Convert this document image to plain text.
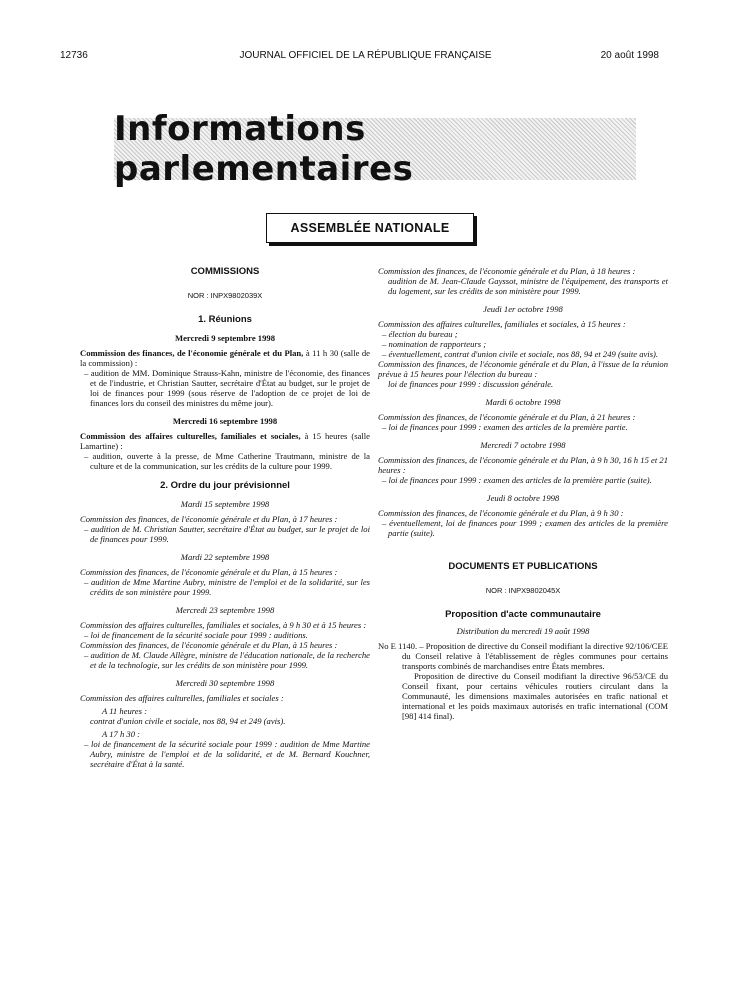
12736	JOURNAL OFFICIEL DE LA RÉPUBLIQUE FRANÇAISE	20 août 1998
Informations parlementaires
ASSEMBLÉE NATIONALE
COMMISSIONS
NOR : INPX9802039X
1. Réunions
Mercredi 9 septembre 1998
Commission des finances, de l'économie générale et du Plan, à 11 h 30 (salle de la commission) :
– audition de MM. Dominique Strauss-Kahn, ministre de l'économie, des finances et de l'industrie, et Christian Sautter, secrétaire d'État au budget, sur le projet de loi de finances pour 1999 (sous réserve de l'adoption de ce projet de loi de finances lors du conseil des ministres du même jour).
Mercredi 16 septembre 1998
Commission des affaires culturelles, familiales et sociales, à 15 heures (salle Lamartine) :
– audition, ouverte à la presse, de Mme Catherine Trautmann, ministre de la culture et de la communication, sur les crédits de la culture pour 1999.
2. Ordre du jour prévisionnel
Mardi 15 septembre 1998
Commission des finances, de l'économie générale et du Plan, à 17 heures :
– audition de M. Christian Sautter, secrétaire d'État au budget, sur le projet de loi de finances pour 1999.
Mardi 22 septembre 1998
Commission des finances, de l'économie générale et du Plan, à 15 heures :
– audition de Mme Martine Aubry, ministre de l'emploi et de la solidarité, sur les crédits de son ministère pour 1999.
Mercredi 23 septembre 1998
Commission des affaires culturelles, familiales et sociales, à 9 h 30 et à 15 heures :
– loi de financement de la sécurité sociale pour 1999 : auditions.
Commission des finances, de l'économie générale et du Plan, à 15 heures :
– audition de M. Claude Allègre, ministre de l'éducation nationale, de la recherche et de la technologie, sur les crédits de son ministère pour 1999.
Mercredi 30 septembre 1998
Commission des affaires culturelles, familiales et sociales :
A 11 heures :
contrat d'union civile et sociale, nos 88, 94 et 249 (avis).
A 17 h 30 :
– loi de financement de la sécurité sociale pour 1999 : audition de Mme Martine Aubry, ministre de l'emploi et de la solidarité, et de M. Bernard Kouchner, secrétaire d'État à la santé.
Commission des finances, de l'économie générale et du Plan, à 18 heures :
audition de M. Jean-Claude Gayssot, ministre de l'équipement, des transports et du logement, sur les crédits de son ministère pour 1999.
Jeudi 1er octobre 1998
Commission des affaires culturelles, familiales et sociales, à 15 heures :
– élection du bureau ;
– nomination de rapporteurs ;
– éventuellement, contrat d'union civile et sociale, nos 88, 94 et 249 (suite avis).
Commission des finances, de l'économie générale et du Plan, à l'issue de la réunion prévue à 15 heures pour l'élection du bureau :
loi de finances pour 1999 : discussion générale.
Mardi 6 octobre 1998
Commission des finances, de l'économie générale et du Plan, à 21 heures :
– loi de finances pour 1999 : examen des articles de la première partie.
Mercredi 7 octobre 1998
Commission des finances, de l'économie générale et du Plan, à 9 h 30, 16 h 15 et 21 heures :
– loi de finances pour 1999 : examen des articles de la première partie (suite).
Jeudi 8 octobre 1998
Commission des finances, de l'économie générale et du Plan, à 9 h 30 :
– éventuellement, loi de finances pour 1999 ; examen des articles de la première partie (suite).
DOCUMENTS ET PUBLICATIONS
NOR : INPX9802045X
Proposition d'acte communautaire
Distribution du mercredi 19 août 1998
No E 1140. – Proposition de directive du Conseil modifiant la directive 92/106/CEE du Conseil relative à l'établissement de règles communes pour certains transports combinés de marchandises entre États membres.
Proposition de directive du Conseil modifiant la directive 96/53/CE du Conseil fixant, pour certains véhicules routiers circulant dans la Communauté, les dimensions maximales autorisées en trafic national et international et les poids maximaux autorisés en trafic international (COM [98] 414 final).
